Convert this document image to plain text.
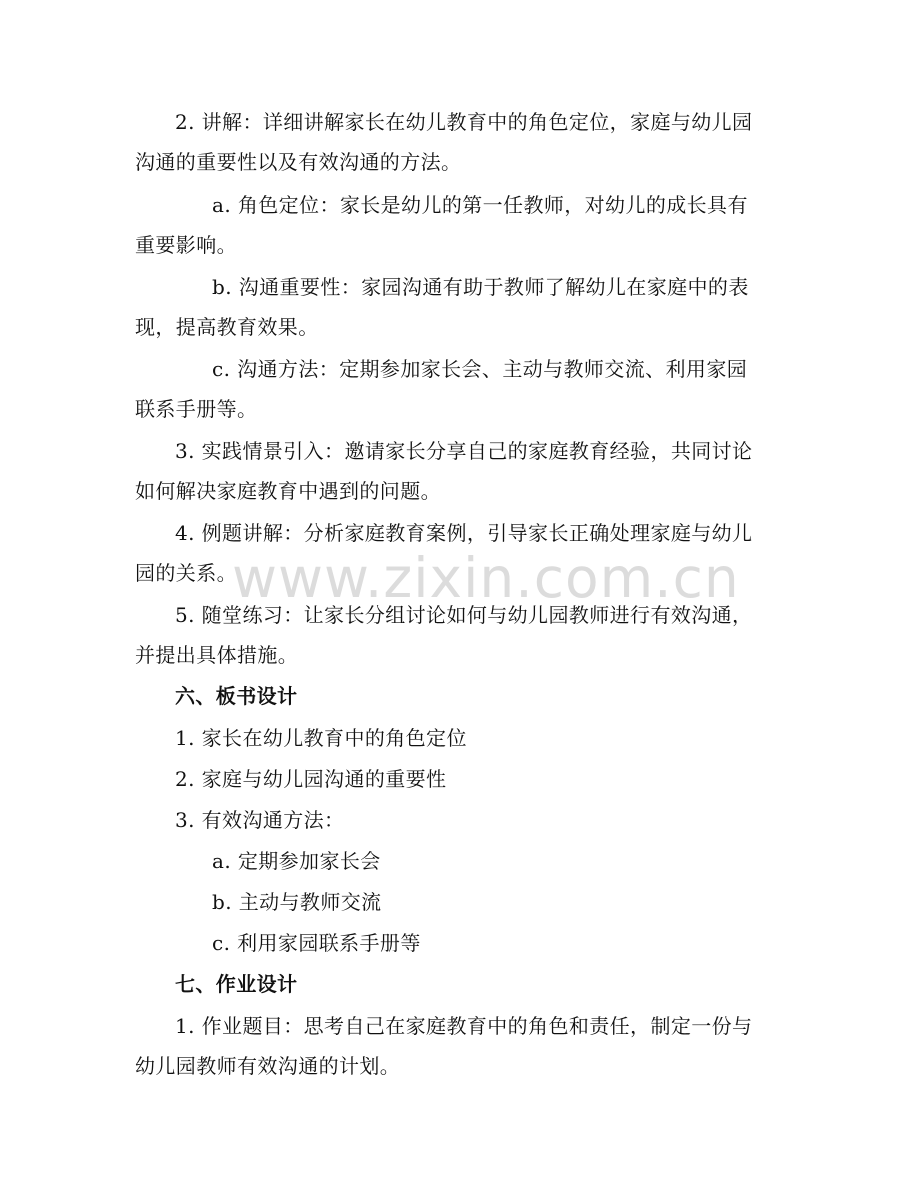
www.zixin.com.cn
2. 讲解：详细讲解家长在幼儿教育中的角色定位，家庭与幼儿园
沟通的重要性以及有效沟通的方法。
a. 角色定位：家长是幼儿的第一任教师，对幼儿的成长具有
重要影响。
b. 沟通重要性：家园沟通有助于教师了解幼儿在家庭中的表
现，提高教育效果。
c. 沟通方法：定期参加家长会、主动与教师交流、利用家园
联系手册等。
3. 实践情景引入：邀请家长分享自己的家庭教育经验，共同讨论
如何解决家庭教育中遇到的问题。
4. 例题讲解：分析家庭教育案例，引导家长正确处理家庭与幼儿
园的关系。
5. 随堂练习：让家长分组讨论如何与幼儿园教师进行有效沟通，
并提出具体措施。
六、板书设计
1. 家长在幼儿教育中的角色定位
2. 家庭与幼儿园沟通的重要性
3. 有效沟通方法：
a. 定期参加家长会
b. 主动与教师交流
c. 利用家园联系手册等
七、作业设计
1. 作业题目：思考自己在家庭教育中的角色和责任，制定一份与
幼儿园教师有效沟通的计划。
